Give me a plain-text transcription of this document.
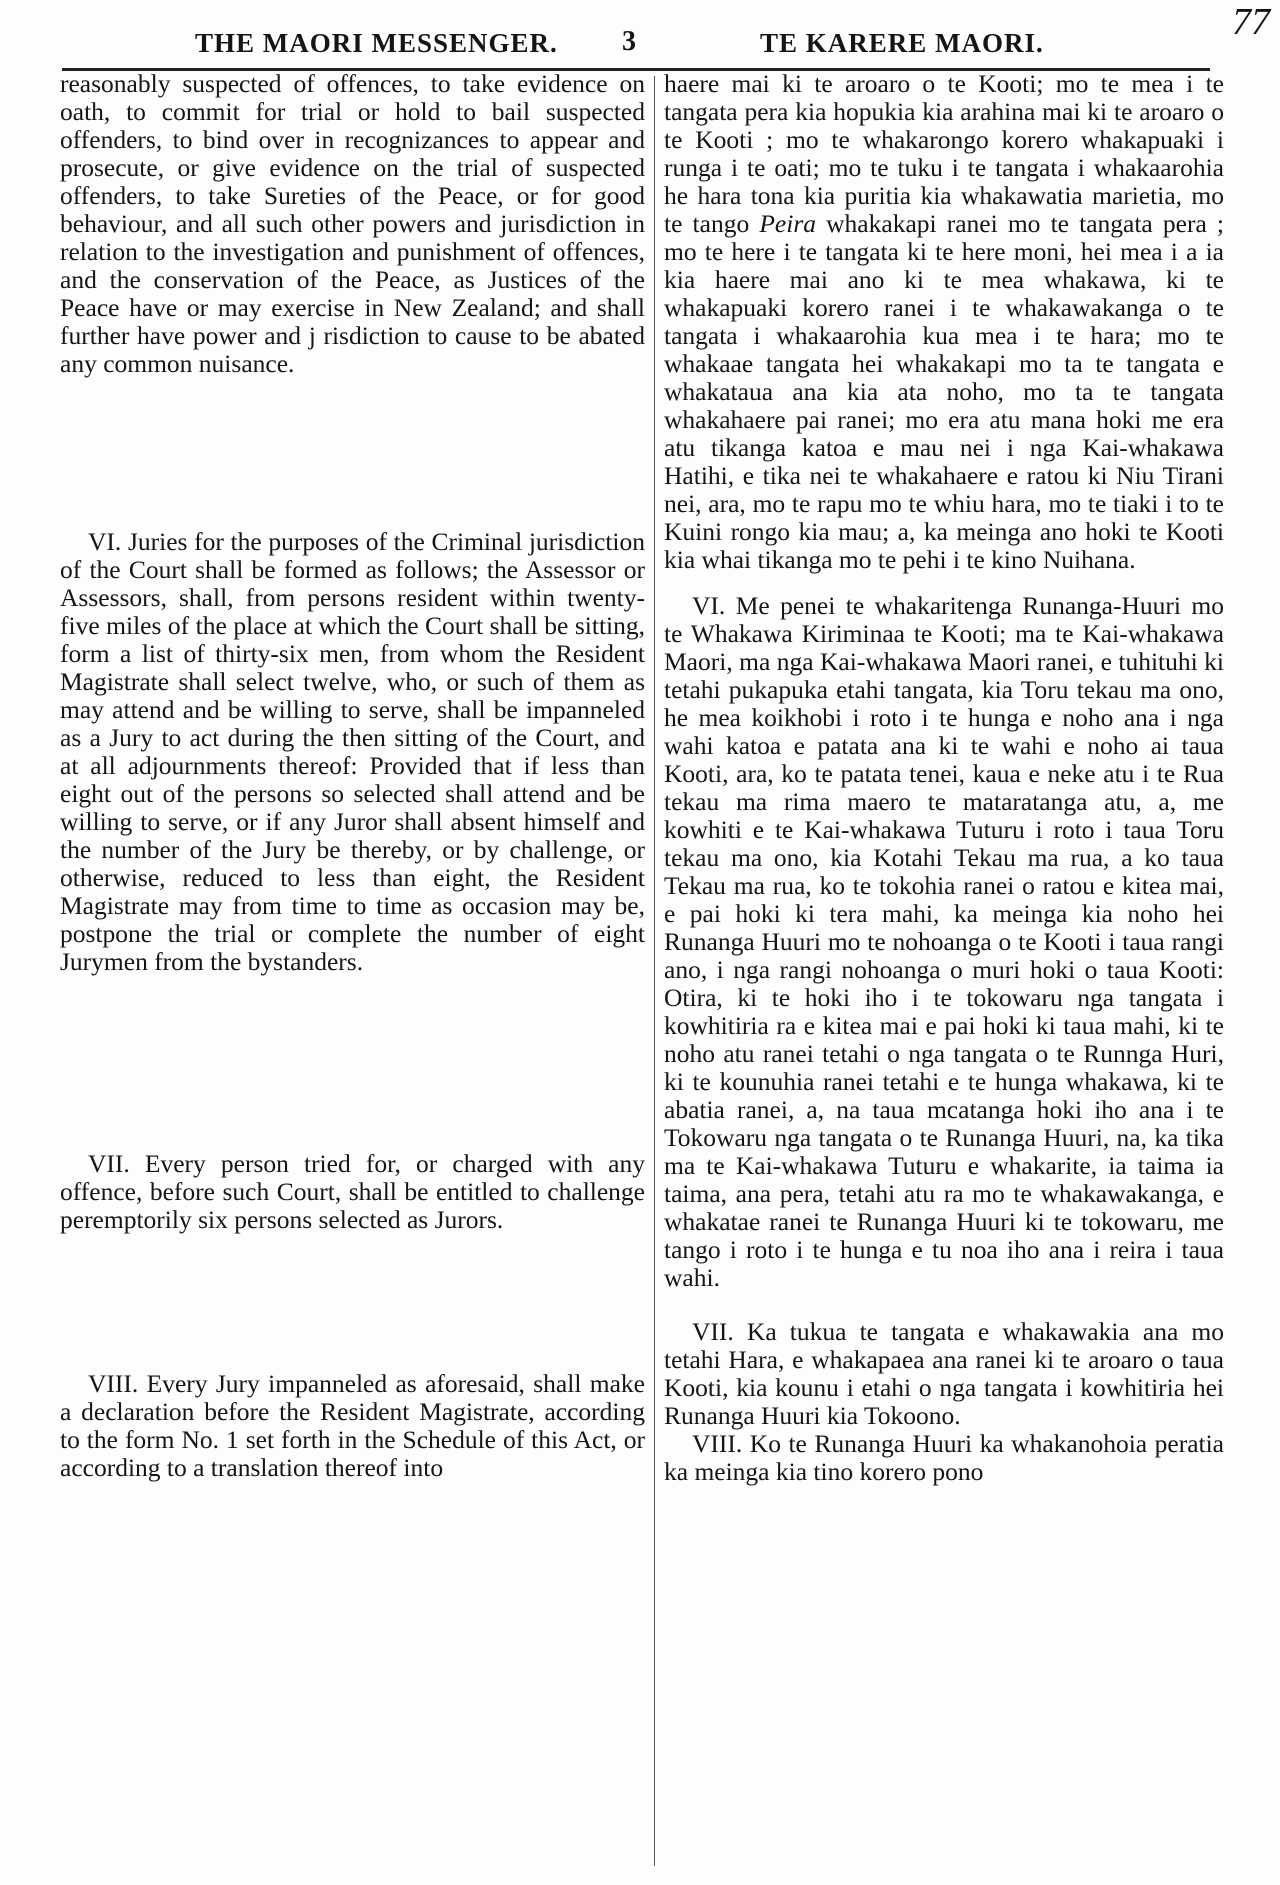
THE MAORI MESSENGER. 3	TE KARERE MAORI.	77

reasonably suspected of offences, to take evidence on oath, to commit for trial or hold to bail suspected offenders, to bind over in recognizances to appear and prosecute, or give evidence on the trial of suspected offenders, to take Sureties of the Peace, or for good behaviour, and all such other powers and jurisdiction in relation to the investigation and punishment of offences, and the conservation of the Peace, as Justices of the Peace have or may exercise in New Zealand; and shall further have power and j risdiction to cause to be abated any common nuisance.

VI. Juries for the purposes of the Criminal jurisdiction of the Court shall be formed as follows; the Assessor or Assessors, shall, from persons resident within twenty-five miles of the place at which the Court shall be sitting, form a list of thirty-six men, from whom the Resident Magistrate shall select twelve, who, or such of them as may attend and be willing to serve, shall be impanneled as a Jury to act during the then sitting of the Court, and at all adjournments thereof: Provided that if less than eight out of the persons so selected shall attend and be willing to serve, or if any Juror shall absent himself and the number of the Jury be thereby, or by challenge, or otherwise, reduced to less than eight, the Resident Magistrate may from time to time as occasion may be, postpone the trial or complete the number of eight Jurymen from the bystanders.

VII. Every person tried for, or charged with any offence, before such Court, shall be entitled to challenge peremptorily six persons selected as Jurors.

VIII. Every Jury impanneled as aforesaid, shall make a declaration before the Resident Magistrate, according to the form No. 1 set forth in the Schedule of this Act, or according to a translation thereof into

haere mai ki te aroaro o te Kooti; mo te mea i te tangata pera kia hopukia kia arahina mai ki te aroaro o te Kooti ; mo te whakarongo korero whakapuaki i runga i te oati; mo te tuku i te tangata i whakaarohia he hara tona kia puritia kia whakawatia marietia, mo te tango Peira whakakapi ranei mo te tangata pera ; mo te here i te tangata ki te here moni, hei mea i a ia kia haere mai ano ki te mea whakawa, ki te whakapuaki korero ranei i te whakawakanga o te tangata i whakaarohia kua mea i te hara; mo te whakaae tangata hei whakakapi mo ta te tangata e whakataua ana kia ata noho, mo ta te tangata whakahaere pai ranei; mo era atu mana hoki me era atu tikanga katoa e mau nei i nga Kai-whakawa Hatihi, e tika nei te whakahaere e ratou ki Niu Tirani nei, ara, mo te rapu mo te whiu hara, mo te tiaki i to te Kuini rongo kia mau; a, ka meinga ano hoki te Kooti kia whai tikanga mo te pehi i te kino Nuihana.

VI. Me penei te whakaritenga Runanga-Huuri mo te Whakawa Kiriminaa te Kooti; ma te Kai-whakawa Maori, ma nga Kai-whakawa Maori ranei, e tuhituhi ki tetahi pukapuka etahi tangata, kia Toru tekau ma ono, he mea koikhobi i roto i te hunga e noho ana i nga wahi katoa e patata ana ki te wahi e noho ai taua Kooti, ara, ko te patata tenei, kaua e neke atu i te Rua tekau ma rima maero te mataratanga atu, a, me kowhiti e te Kai-whakawa Tuturu i roto i taua Toru tekau ma ono, kia Kotahi Tekau ma rua, a ko taua Tekau ma rua, ko te tokohia ranei o ratou e kitea mai, e pai hoki ki tera mahi, ka meinga kia noho hei Runanga Huuri mo te nohoanga o te Kooti i taua rangi ano, i nga rangi nohoanga o muri hoki o taua Kooti: Otira, ki te hoki iho i te tokowaru nga tangata i kowhitiria ra e kitea mai e pai hoki ki taua mahi, ki te noho atu ranei tetahi o nga tangata o te Runnga Huri, ki te kounuhia ranei tetahi e te hunga whakawa, ki te abatia ranei, a, na taua mcatanga hoki iho ana i te Tokowaru nga tangata o te Runanga Huuri, na, ka tika ma te Kai-whakawa Tuturu e whakarite, ia taima ia taima, ana pera, tetahi atu ra mo te whakawakanga, e whakatae ranei te Runanga Huuri ki te tokowaru, me tango i roto i te hunga e tu noa iho ana i reira i taua wahi.

VII. Ka tukua te tangata e whakawakia ana mo tetahi Hara, e whakapaea ana ranei ki te aroaro o taua Kooti, kia kounu i etahi o nga tangata i kowhitiria hei Runanga Huuri kia Tokoono.

VIII. Ko te Runanga Huuri ka whakanohoia peratia ka meinga kia tino korero pono
